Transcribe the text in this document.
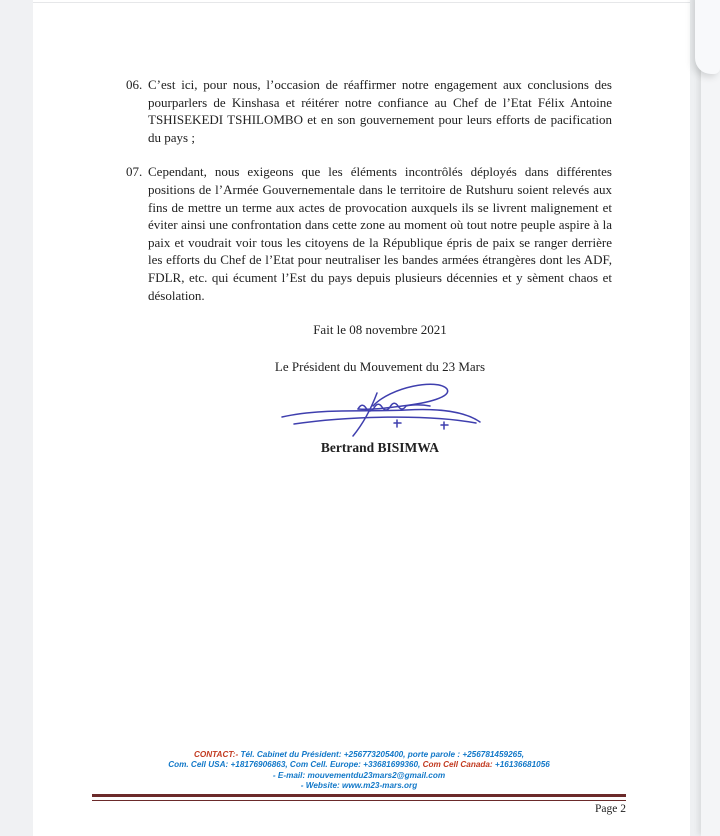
06. C’est ici, pour nous, l’occasion de réaffirmer notre engagement aux conclusions des pourparlers de Kinshasa et réitérer notre confiance au Chef de l’Etat Félix Antoine TSHISEKEDI TSHILOMBO et en son gouvernement pour leurs efforts de pacification du pays ;
07. Cependant, nous exigeons que les éléments incontrôlés déployés dans différentes positions de l’Armée Gouvernementale dans le territoire de Rutshuru soient relevés aux fins de mettre un terme aux actes de provocation auxquels ils se livrent malignement et éviter ainsi une confrontation dans cette zone au moment où tout notre peuple aspire à la paix et voudrait voir tous les citoyens de la République épris de paix se ranger derrière les efforts du Chef de l’Etat pour neutraliser les bandes armées étrangères dont les ADF, FDLR, etc. qui écument l’Est du pays depuis plusieurs décennies et y sèment chaos et désolation.
Fait le 08 novembre 2021
Le Président du Mouvement du 23 Mars
Bertrand BISIMWA
CONTACT:- Tél. Cabinet du Président: +256773205400, porte parole : +256781459265,
Com. Cell USA: +18176906863, Com Cell. Europe: +33681699360, Com Cell Canada: +16136681056
- E-mail: mouvementdu23mars2@gmail.com
- Website: www.m23-mars.org
Page 2
